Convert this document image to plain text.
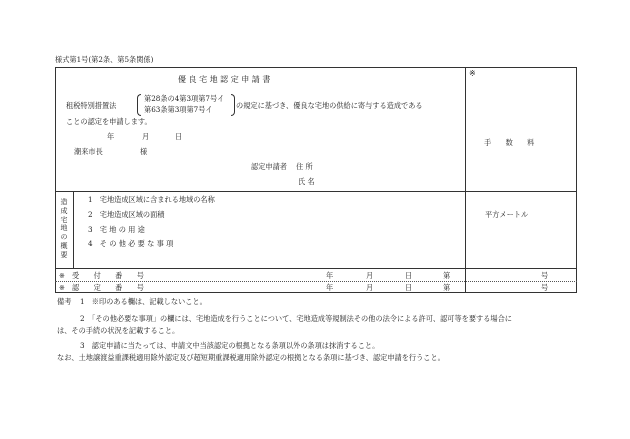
様式第1号(第2条、第5条関係)
優 良 宅 地 認 定 申 請 書
※
租税特別措置法
第28条の4第3項第7号イ
第63条第3項第7号イ	の規定に基づき、優良な宅地の供給に寄与する造成である
ことの認定を申請します。
年	月	日
潮来市長	様
認定申請者 住 所
氏 名
手　　数　　料
造成宅地の概要
1　宅地造成区域に含まれる地域の名称
2　宅地造成区域の面積
3　宅 地 の 用 途
4　そ の 他 必 要 な 事 項
平方メートル
※ 受　　付　　番　　号	年	月	日	第	号
※ 認　　定　　番　　号	年	月	日	第	号
備考 1　※印のある欄は、記載しないこと。
2　「その他必要な事項」の欄には、宅地造成を行うことについて、宅地造成等規制法その他の法令による許可、認可等を要する場合に
は、その手続の状況を記載すること。
3　認定申請に当たっては、申請文中当該認定の根拠となる条項以外の条項は抹消すること。
なお、土地譲渡益重課税適用除外認定及び超短期重課税適用除外認定の根拠となる条項に基づき、認定申請を行うこと。
